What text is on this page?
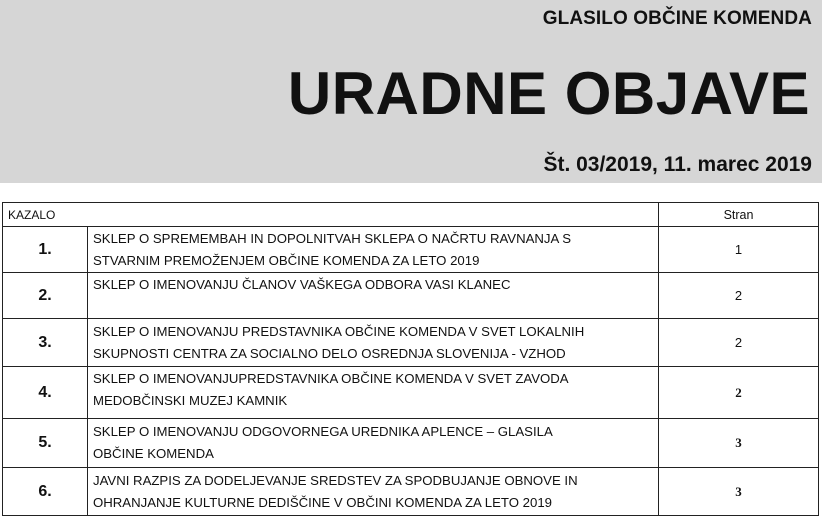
GLASILO OBČINE KOMENDA
URADNE OBJAVE
Št. 03/2019, 11. marec 2019
KAZALO		Stran
1.	SKLEP O SPREMEMBAH IN DOPOLNITVAH SKLEPA O NAČRTU RAVNANJA S
STVARNIM PREMOŽENJEM OBČINE KOMENDA ZA LETO 2019	1
2.	SKLEP O IMENOVANJU ČLANOV VAŠKEGA ODBORA VASI KLANEC	2
3.	SKLEP O IMENOVANJU PREDSTAVNIKA OBČINE KOMENDA V SVET LOKALNIH
SKUPNOSTI CENTRA ZA SOCIALNO DELO OSREDNJA SLOVENIJA - VZHOD	2
4.	SKLEP O IMENOVANJUPREDSTAVNIKA OBČINE KOMENDA V SVET ZAVODA
MEDOBČINSKI MUZEJ KAMNIK	2
5.	SKLEP O IMENOVANJU ODGOVORNEGA UREDNIKA APLENCE – GLASILA
OBČINE KOMENDA	3
6.	JAVNI RAZPIS ZA DODELJEVANJE SREDSTEV ZA SPODBUJANJE OBNOVE IN
OHRANJANJE KULTURNE DEDIŠČINE V OBČINI KOMENDA ZA LETO 2019	3
